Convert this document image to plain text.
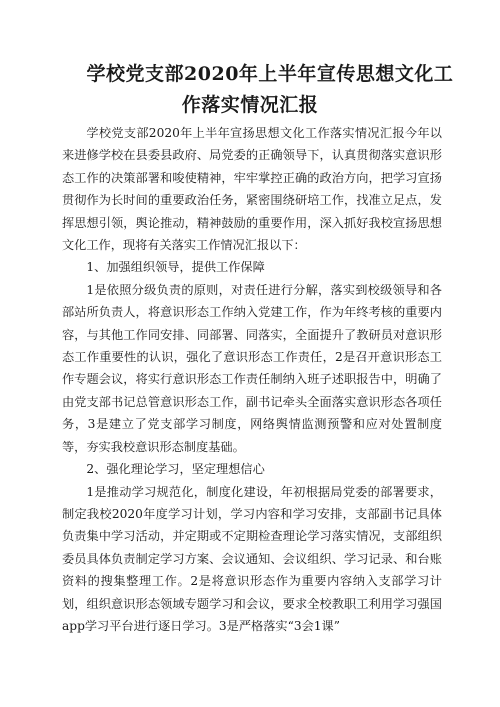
学校党支部2020年上半年宣传思想文化工
作落实情况汇报

学校党支部2020年上半年宣扬思想文化工作落实情况汇报今年以来进修学校在县委县政府、局党委的正确领导下，认真贯彻落实意识形态工作的决策部署和唆使精神，牢牢掌控正确的政治方向，把学习宣扬贯彻作为长时间的重要政治任务，紧密围绕研培工作，找准立足点，发挥思想引领，舆论推动，精神鼓励的重要作用，深入抓好我校宣扬思想文化工作，现将有关落实工作情况汇报以下：

1、加强组织领导，提供工作保障

1是依照分级负责的原则，对责任进行分解，落实到校级领导和各部站所负责人，将意识形态工作纳入党建工作，作为年终考核的重要内容，与其他工作同安排、同部署、同落实，全面提升了教研员对意识形态工作重要性的认识，强化了意识形态工作责任，2是召开意识形态工作专题会议，将实行意识形态工作责任制纳入班子述职报告中，明确了由党支部书记总管意识形态工作，副书记牵头全面落实意识形态各项任务，3是建立了党支部学习制度，网络舆情监测预警和应对处置制度等，夯实我校意识形态制度基础。

2、强化理论学习，坚定理想信心

1是推动学习规范化，制度化建设，年初根据局党委的部署要求，制定我校2020年度学习计划，学习内容和学习安排，支部副书记具体负责集中学习活动，并定期或不定期检查理论学习落实情况，支部组织委员具体负责制定学习方案、会议通知、会议组织、学习记录、和台账资料的搜集整理工作。2是将意识形态作为重要内容纳入支部学习计划，组织意识形态领域专题学习和会议，要求全校教职工利用学习强国app学习平台进行逐日学习。3是严格落实“3会1课”
